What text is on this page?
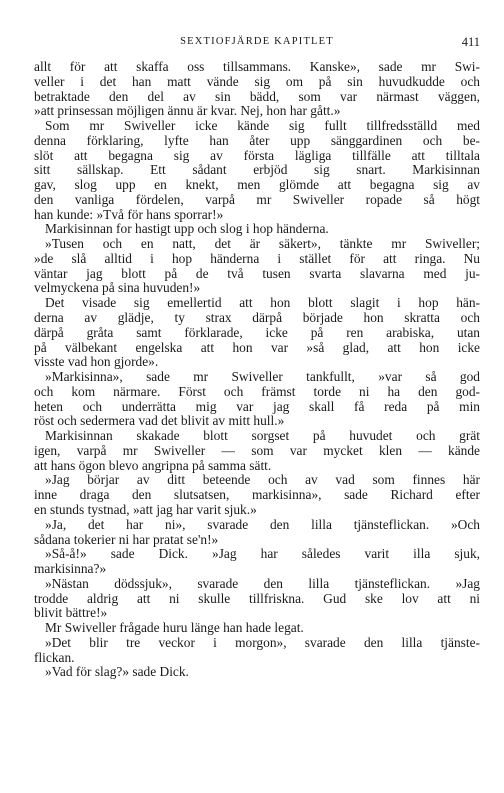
SEXTIOFJÄRDE KAPITLET	411
allt för att skaffa oss tillsammans. Kanske», sade mr Swi-
veller i det han matt vände sig om på sin huvudkudde och
betraktade den del av sin bädd, som var närmast väggen,
»att prinsessan möjligen ännu är kvar. Nej, hon har gått.»
Som mr Swiveller icke kände sig fullt tillfredsställd med
denna förklaring, lyfte han åter upp sänggardinen och be-
slöt att begagna sig av första lägliga tillfälle att tilltala
sitt sällskap. Ett sådant erbjöd sig snart. Markisinnan
gav, slog upp en knekt, men glömde att begagna sig av
den vanliga fördelen, varpå mr Swiveller ropade så högt
han kunde: »Två för hans sporrar!»
Markisinnan for hastigt upp och slog i hop händerna.
»Tusen och en natt, det är säkert», tänkte mr Swiveller;
»de slå alltid i hop händerna i stället för att ringa. Nu
väntar jag blott på de två tusen svarta slavarna med ju-
velmyckena på sina huvuden!»
Det visade sig emellertid att hon blott slagit i hop hän-
derna av glädje, ty strax därpå började hon skratta och
därpå gråta samt förklarade, icke på ren arabiska, utan
på välbekant engelska att hon var »så glad, att hon icke
visste vad hon gjorde».
»Markisinna», sade mr Swiveller tankfullt, »var så god
och kom närmare. Först och främst torde ni ha den god-
heten och underrätta mig var jag skall få reda på min
röst och sedermera vad det blivit av mitt hull.»
Markisinnan skakade blott sorgset på huvudet och grät
igen, varpå mr Swiveller — som var mycket klen — kände
att hans ögon blevo angripna på samma sätt.
»Jag börjar av ditt beteende och av vad som finnes här
inne draga den slutsatsen, markisinna», sade Richard efter
en stunds tystnad, »att jag har varit sjuk.»
»Ja, det har ni», svarade den lilla tjänsteflickan. »Och
sådana tokerier ni har pratat se'n!»
»Så-å!» sade Dick. »Jag har således varit illa sjuk,
markisinna?»
»Nästan dödssjuk», svarade den lilla tjänsteflickan. »Jag
trodde aldrig att ni skulle tillfriskna. Gud ske lov att ni
blivit bättre!»
Mr Swiveller frågade huru länge han hade legat.
»Det blir tre veckor i morgon», svarade den lilla tjänste-
flickan.
»Vad för slag?» sade Dick.
